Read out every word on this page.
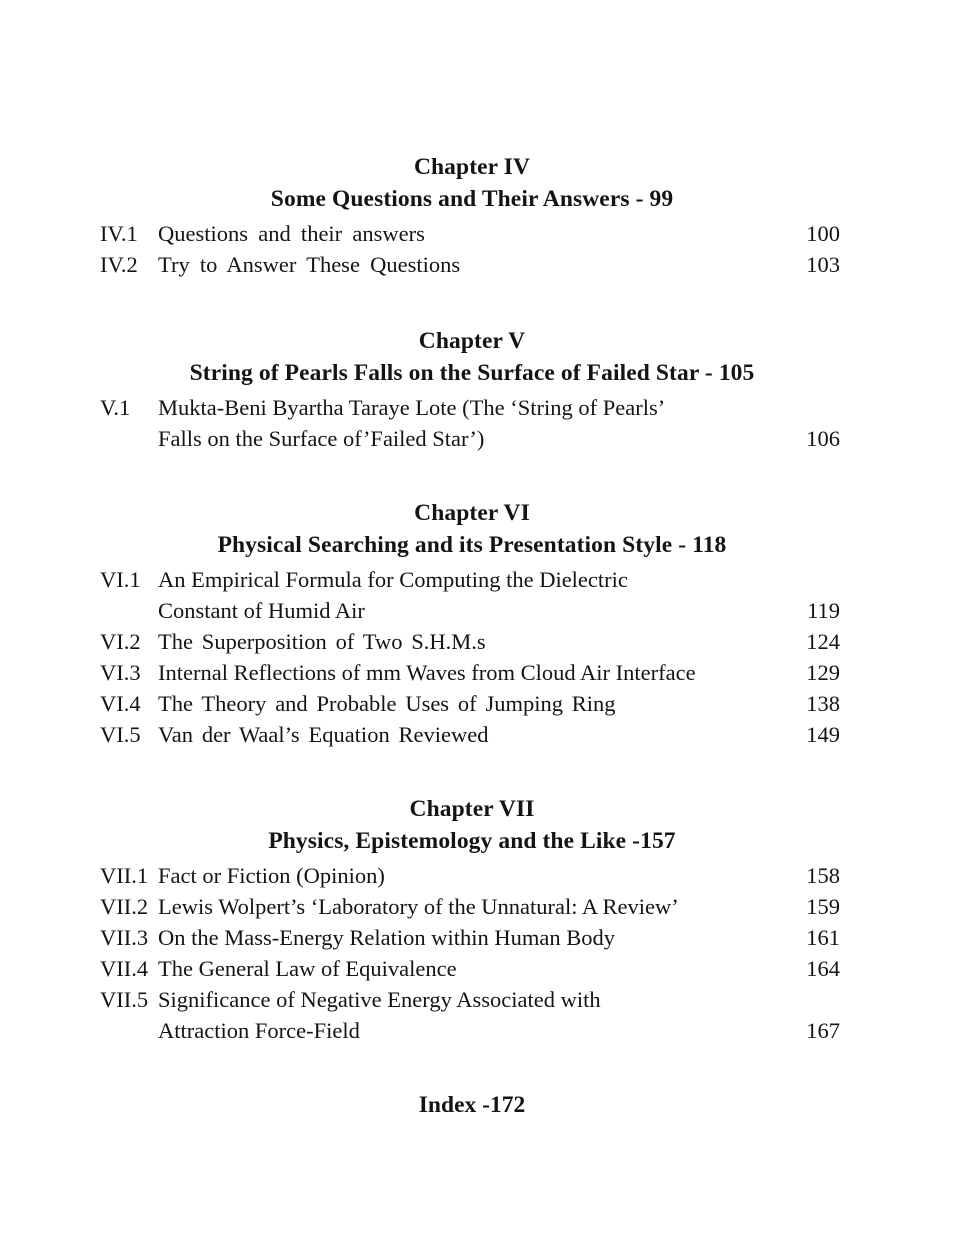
Chapter IV
Some Questions and Their Answers - 99
IV.1	Questions and their answers	100
IV.2	Try to Answer These Questions	103
Chapter V
String of Pearls Falls on the Surface of Failed Star - 105
V.1	Mukta-Beni Byartha Taraye Lote (The ‘String of Pearls’	
	Falls on the Surface of’Failed Star’)	106
Chapter VI
Physical Searching and its Presentation Style - 118
VI.1	An Empirical Formula for Computing the Dielectric	
	Constant of Humid Air	119
VI.2	The Superposition of Two S.H.M.s	124
VI.3	Internal Reflections of mm Waves from Cloud Air Interface	129
VI.4	The Theory and Probable Uses of Jumping Ring	138
VI.5	Van der Waal’s Equation Reviewed	149
Chapter VII
Physics, Epistemology and the Like -157
VII.1	Fact or Fiction (Opinion)	158
VII.2	Lewis Wolpert’s ‘Laboratory of the Unnatural: A Review’	159
VII.3	On the Mass-Energy Relation within Human Body	161
VII.4	The General Law of Equivalence	164
VII.5	Significance of Negative Energy Associated with	
	Attraction Force-Field	167
Index -172
